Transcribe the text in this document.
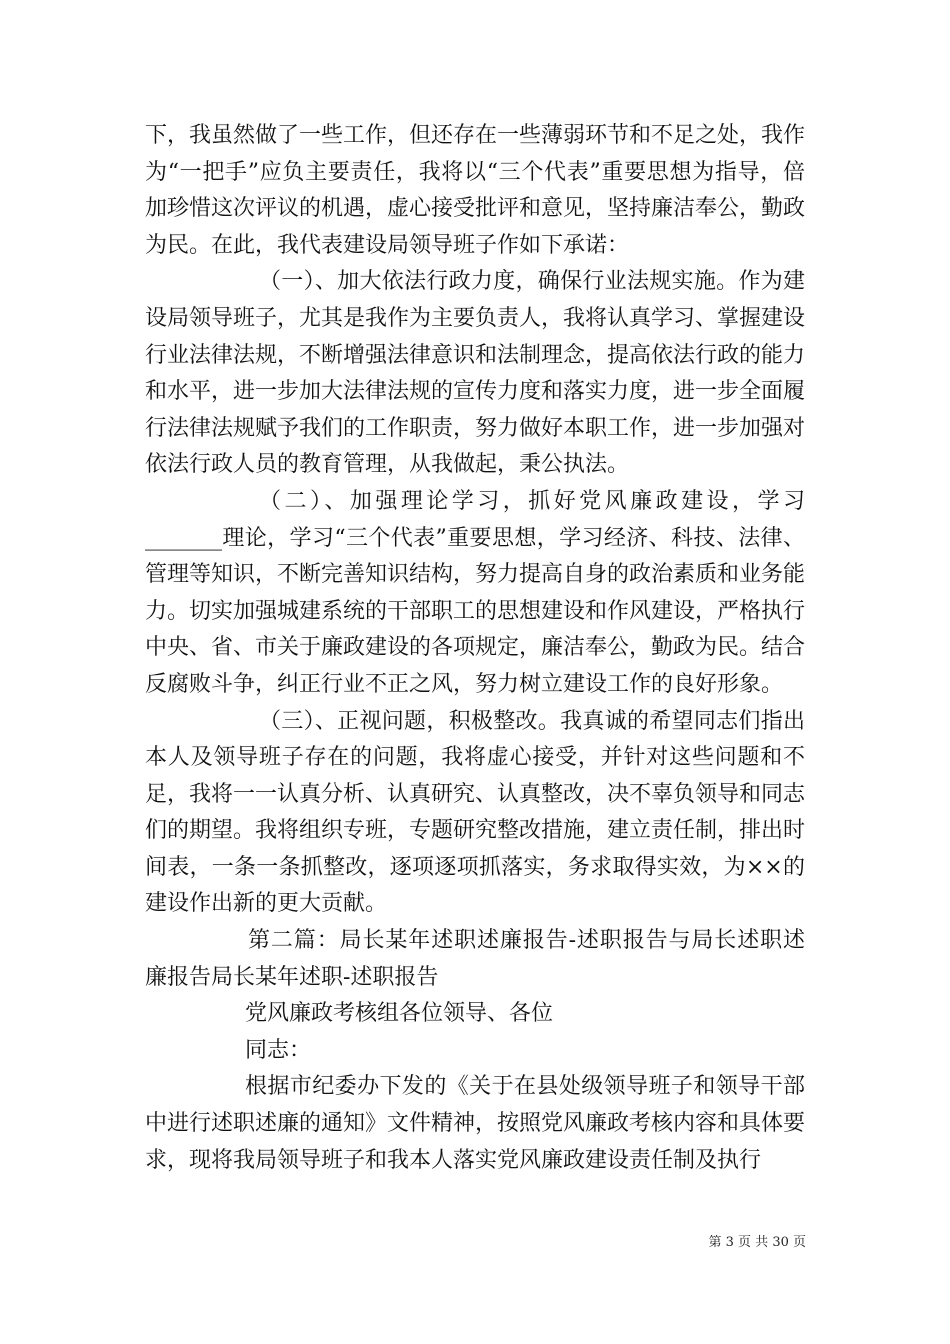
下，我虽然做了一些工作，但还存在一些薄弱环节和不足之处，我作为“一把手”应负主要责任，我将以“三个代表”重要思想为指导，倍加珍惜这次评议的机遇，虚心接受批评和意见，坚持廉洁奉公，勤政为民。在此，我代表建设局领导班子作如下承诺：

（一）、加大依法行政力度，确保行业法规实施。作为建设局领导班子，尤其是我作为主要负责人，我将认真学习、掌握建设行业法律法规，不断增强法律意识和法制理念，提高依法行政的能力和水平，进一步加大法律法规的宣传力度和落实力度，进一步全面履行法律法规赋予我们的工作职责，努力做好本职工作，进一步加强对依法行政人员的教育管理，从我做起，秉公执法。

（二）、加强理论学习，抓好党风廉政建设，学习_______理论，学习“三个代表”重要思想，学习经济、科技、法律、管理等知识，不断完善知识结构，努力提高自身的政治素质和业务能力。切实加强城建系统的干部职工的思想建设和作风建设，严格执行中央、省、市关于廉政建设的各项规定，廉洁奉公，勤政为民。结合反腐败斗争，纠正行业不正之风，努力树立建设工作的良好形象。

（三）、正视问题，积极整改。我真诚的希望同志们指出本人及领导班子存在的问题，我将虚心接受，并针对这些问题和不足，我将一一认真分析、认真研究、认真整改，决不辜负领导和同志们的期望。我将组织专班，专题研究整改措施，建立责任制，排出时间表，一条一条抓整改，逐项逐项抓落实，务求取得实效，为××的建设作出新的更大贡献。

第二篇：局长某年述职述廉报告-述职报告与局长述职述廉报告局长某年述职-述职报告

党风廉政考核组各位领导、各位

同志：

根据市纪委办下发的《关于在县处级领导班子和领导干部中进行述职述廉的通知》文件精神，按照党风廉政考核内容和具体要求，现将我局领导班子和我本人落实党风廉政建设责任制及执行

第 3 页 共 30 页
